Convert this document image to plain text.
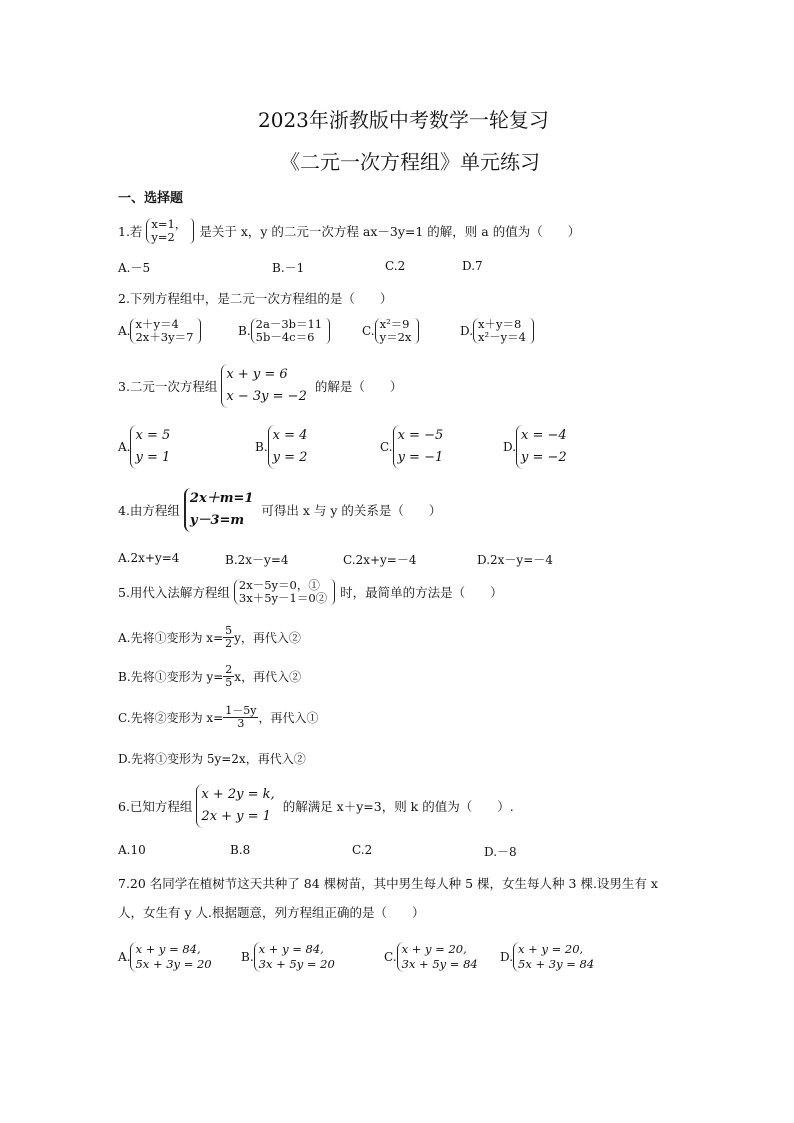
2023年浙教版中考数学一轮复习
《二元一次方程组》单元练习
一、选择题
1.若 x=1，
y=2	是关于 x，y 的二元一次方程 ax－3y=1 的解，则 a 的值为（　　）
A.－5	B.－1	C.2	D.7
2.下列方程组中，是二元一次方程组的是（　　）
A. x＋y＝4
2x＋3y＝7	B. 2a－3b＝11
5b－4c＝6	C. x²＝9
y＝2x	D. x＋y＝8
x²－y＝4
3.二元一次方程组
x + y = 6
x − 3y = −2
的解是（　　）
A.
x = 5
y = 1
B.
x = 4
y = 2
C.
x = −5
y = −1
D.
x = −4
y = −2
4.由方程组
2x＋m=1
y－3=m
可得出 x 与 y 的关系是（　　）
A.2x+y=4	B.2x－y=4	C.2x+y=－4	D.2x－y=－4
5.用代入法解方程组 2x－5y＝0，①
3x＋5y－1＝0② 时，最简单的方法是（　　）
A.先将①变形为 $x= \frac{5}{2}$ y，再代入②
B.先将①变形为 $y= \frac{2}{5}$ x，再代入②
C.先将②变形为 $x= \frac{1-5y}{3}$ ，再代入①
D.先将①变形为 5y=2x，再代入②
6.已知方程组
x + 2y = k,
2x + y = 1
的解满足 x＋y=3，则 k 的值为（　　）.
A.10	B.8	C.2	D.－8
7.20 名同学在植树节这天共种了 84 棵树苗，其中男生每人种 5 棵，女生每人种 3 棵.设男生有 x
人，女生有 y 人.根据题意，列方程组正确的是（　　）
A.
x + y = 84,
5x + 3y = 20 B.
x + y = 84,
3x + 5y = 20	C.
x + y = 20,
3x + 5y = 84 D.
x + y = 20,
5x + 3y = 84
